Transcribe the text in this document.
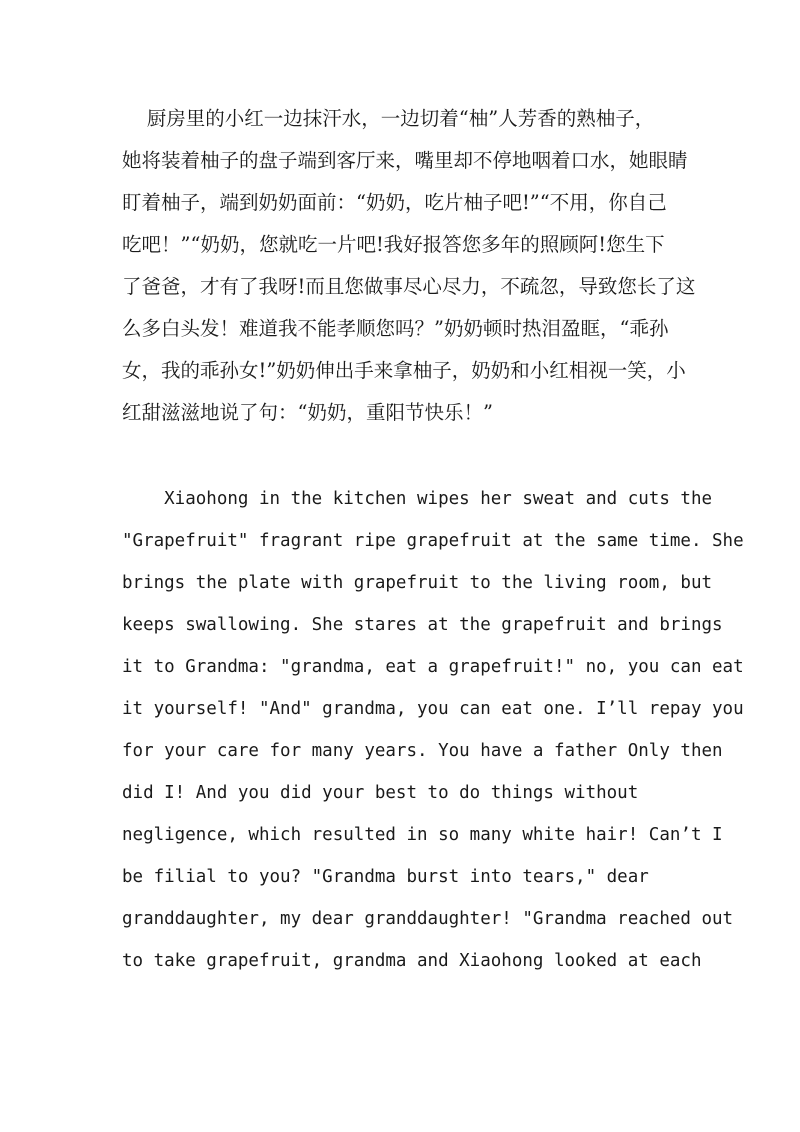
厨房里的小红一边抹汗水，一边切着“柚”人芳香的熟柚子，
她将装着柚子的盘子端到客厅来，嘴里却不停地咽着口水，她眼睛
盯着柚子，端到奶奶面前：“奶奶，吃片柚子吧!”“不用，你自己
吃吧！”“奶奶，您就吃一片吧!我好报答您多年的照顾阿!您生下
了爸爸，才有了我呀!而且您做事尽心尽力，不疏忽，导致您长了这
么多白头发！难道我不能孝顺您吗？”奶奶顿时热泪盈眶，“乖孙
女，我的乖孙女!”奶奶伸出手来拿柚子，奶奶和小红相视一笑，小
红甜滋滋地说了句：“奶奶，重阳节快乐！”
Xiaohong in the kitchen wipes her sweat and cuts the
"Grapefruit" fragrant ripe grapefruit at the same time. She
brings the plate with grapefruit to the living room, but
keeps swallowing. She stares at the grapefruit and brings
it to Grandma: "grandma, eat a grapefruit!" no, you can eat
it yourself! "And" grandma, you can eat one. I’ll repay you
for your care for many years. You have a father Only then
did I! And you did your best to do things without
negligence, which resulted in so many white hair! Can’t I
be filial to you? "Grandma burst into tears," dear
granddaughter, my dear granddaughter! "Grandma reached out
to take grapefruit, grandma and Xiaohong looked at each
